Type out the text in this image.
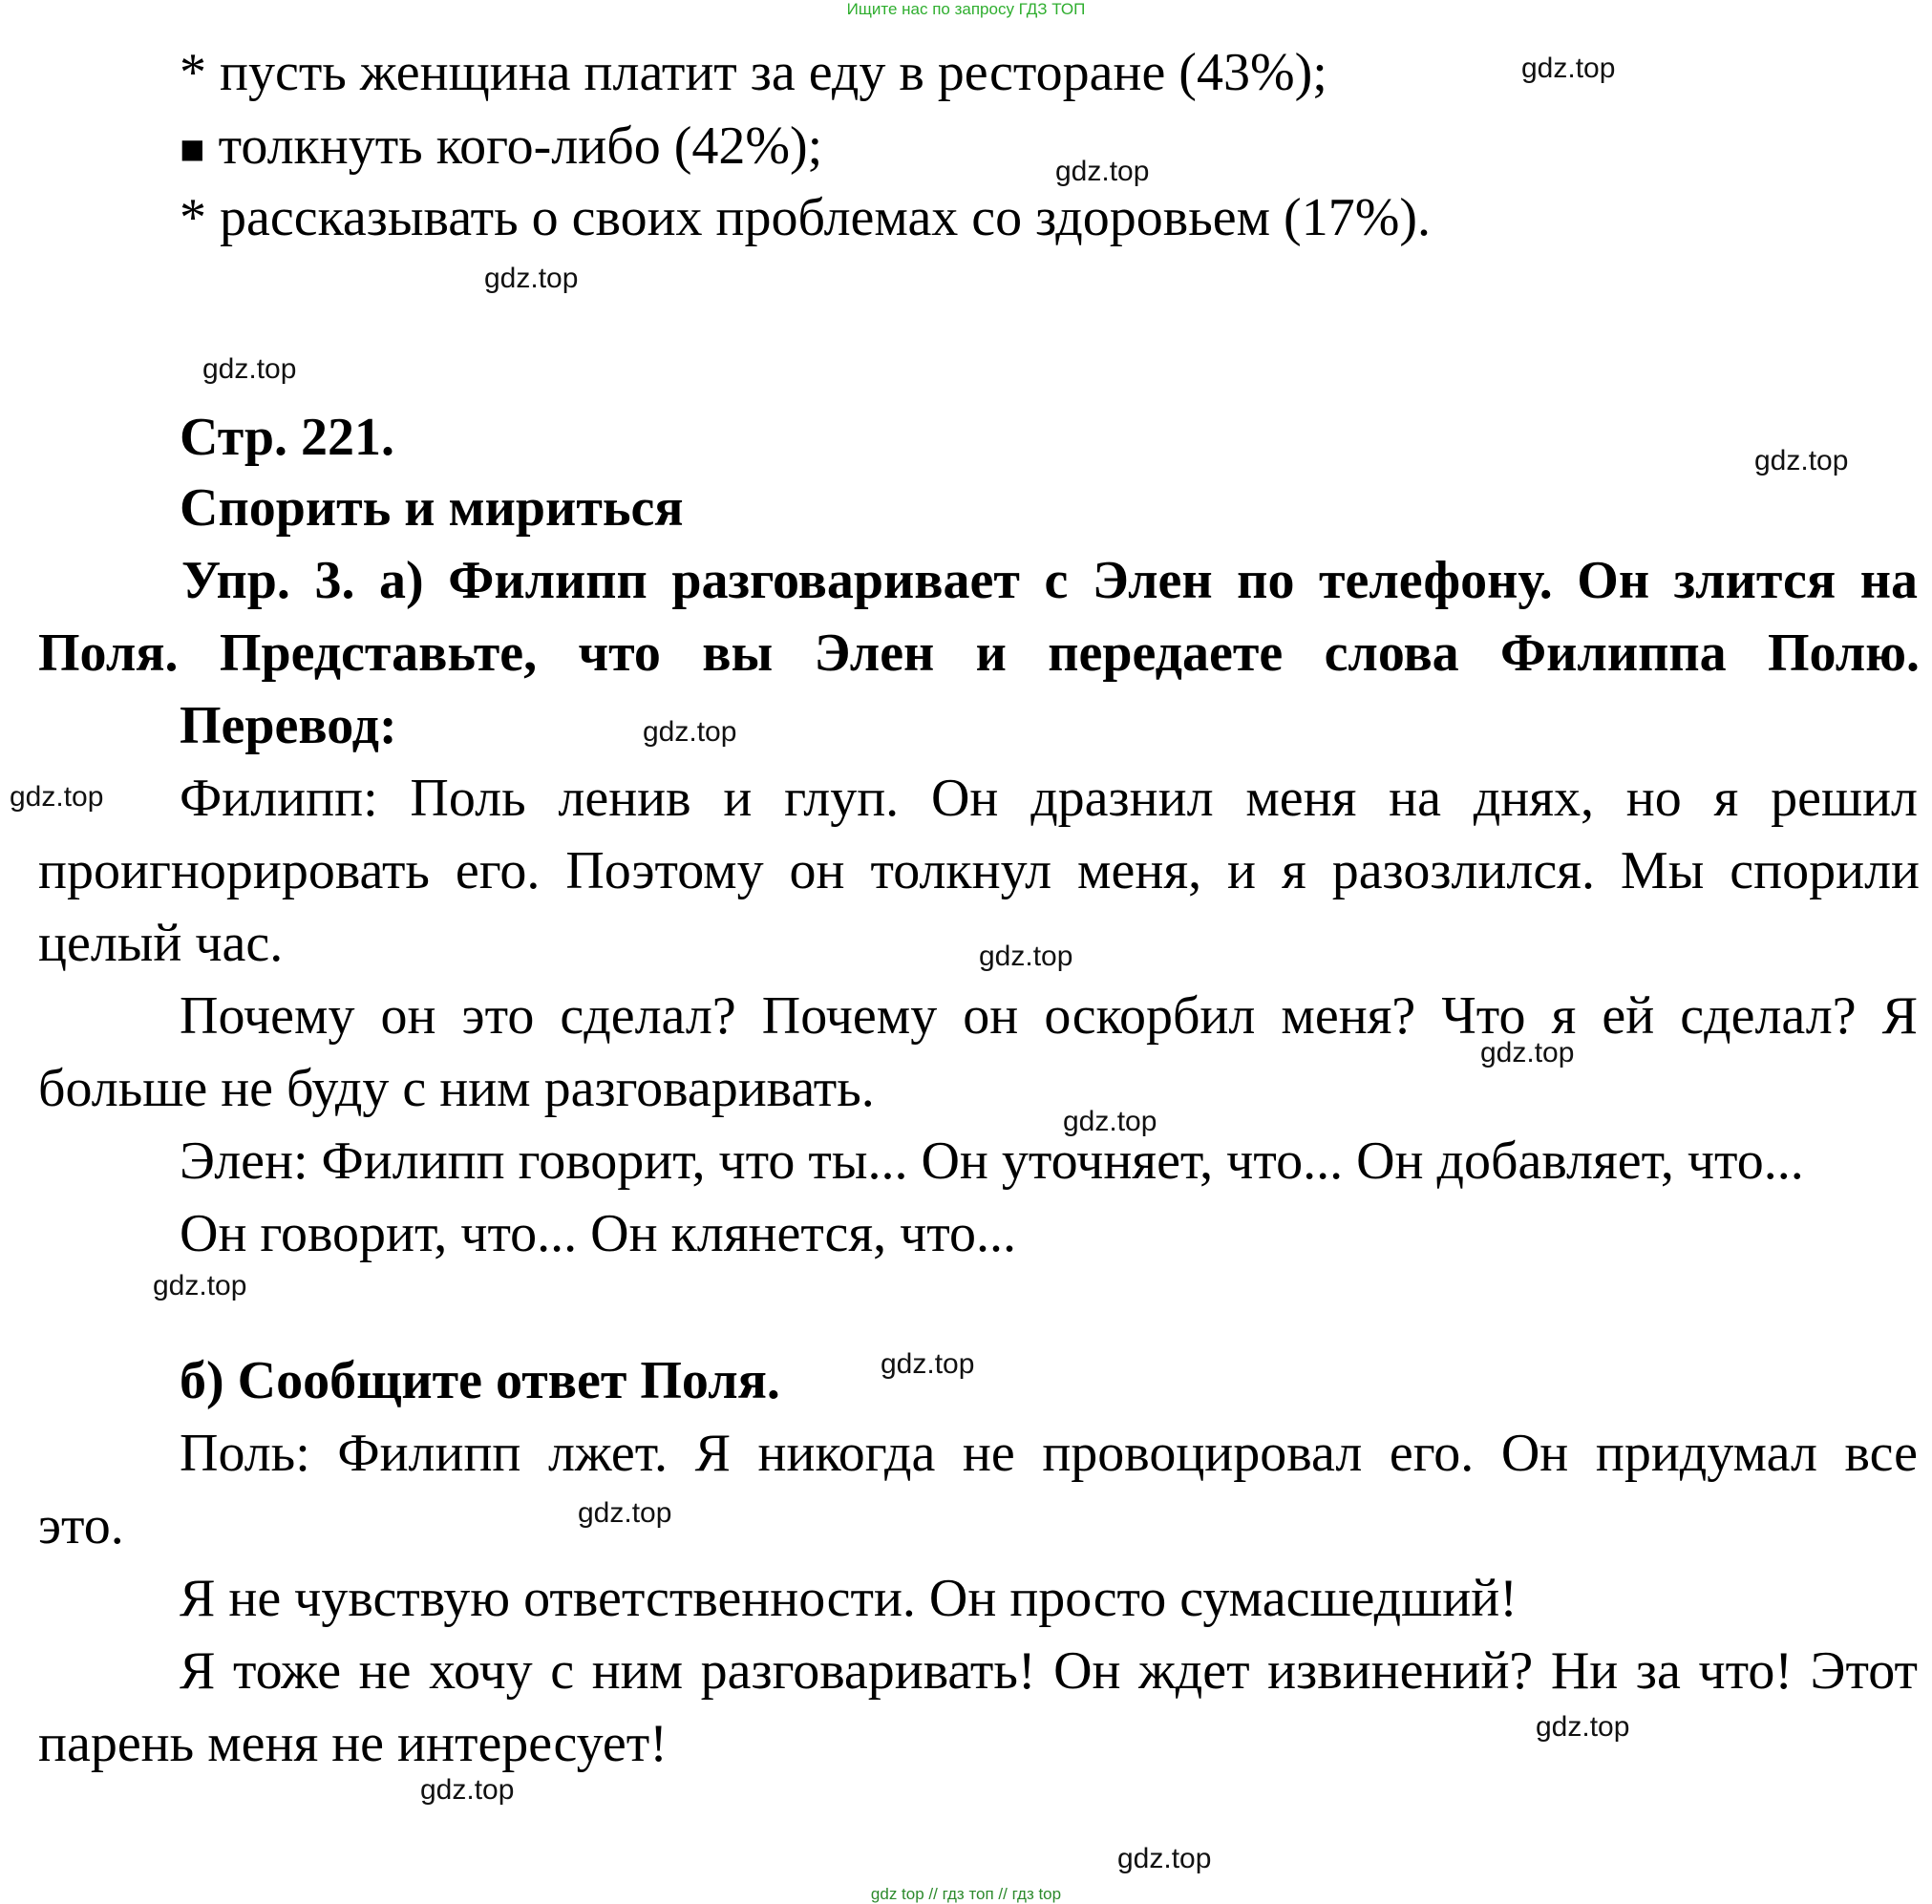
Ищите нас по запросу ГДЗ ТОП
* пусть женщина платит за еду в ресторане (43%);
■ толкнуть кого-либо (42%);
* рассказывать о своих проблемах со здоровьем (17%).
Стр. 221.
Спорить и мириться
Упр. 3. а) Филипп разговаривает с Элен по телефону. Он злится на
Поля. Представьте, что вы Элен и передаете слова Филиппа Полю.
Перевод:
Филипп: Поль ленив и глуп. Он дразнил меня на днях, но я решил
проигнорировать его. Поэтому он толкнул меня, и я разозлился. Мы спорили
целый час.
Почему он это сделал? Почему он оскорбил меня? Что я ей сделал? Я
больше не буду с ним разговаривать.
Элен: Филипп говорит, что ты... Он уточняет, что... Он добавляет, что...
Он говорит, что... Он клянется, что...
б) Сообщите ответ Поля.
Поль: Филипп лжет. Я никогда не провоцировал его. Он придумал все
это.
Я не чувствую ответственности. Он просто сумасшедший!
Я тоже не хочу с ним разговаривать! Он ждет извинений? Ни за что! Этот
парень меня не интересует!
gdz.top
gdz.top
gdz.top
gdz.top
gdz.top
gdz.top
gdz.top
gdz.top
gdz.top
gdz.top
gdz.top
gdz.top
gdz.top
gdz.top
gdz.top
gdz.top
gdz top // гдз топ // гдз top
